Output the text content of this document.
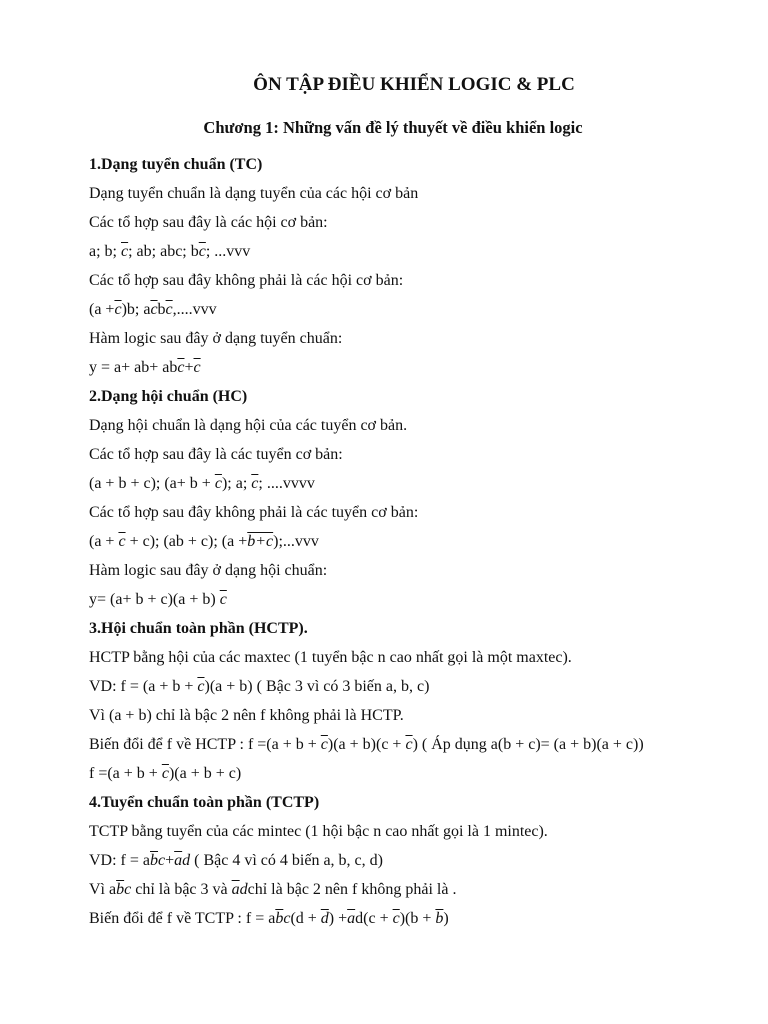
ÔN TẬP ĐIỀU KHIỂN LOGIC & PLC
Chương 1: Những vấn đề lý thuyết về điều khiển logic
1.Dạng tuyển chuẩn (TC)
Dạng tuyển chuẩn là dạng tuyển của các hội cơ bản
Các tổ hợp sau đây là các hội cơ bản:
a; b; $\overline{c}$; ab; abc; $b\overline{c}$; ...vvv
Các tổ hợp sau đây không phải là các hội cơ bản:
$(a +\overline{c})b$; $a\overline{c}b\overline{c},....vvv$
Hàm logic sau đây ở dạng tuyển chuẩn:
$y = a+ ab+ ab\overline{c}+\overline{c}$
2.Dạng hội chuẩn (HC)
Dạng hội chuẩn là dạng hội của các tuyển cơ bản.
Các tổ hợp sau đây là các tuyển cơ bản:
(a + b + c); $(a+ b + \overline{c})$; a; $\overline{c}$; ....vvvv
Các tổ hợp sau đây không phải là các tuyển cơ bản:
$(a + \overline{c} + c)$; (ab + c); (a +b+c);...vvv
Hàm logic sau đây ở dạng hội chuẩn:
y= (a+ b + c)(a + b) $\overline{c}$
3.Hội chuẩn toàn phần (HCTP).
HCTP bằng hội của các maxtec (1 tuyển bậc n cao nhất gọi là một maxtec).
VD: $f = (a + b + \overline{c})(a + b)$ ( Bậc 3 vì có 3 biến a, b, c)
Vì (a + b) chỉ là bậc 2 nên f không phải là HCTP.
Biến đổi để f về HCTP : $f =(a + b + \overline{c})(a + b)(c + \overline{c})$ ( Áp dụng a(b + c)= (a + b)(a + c))
$f =(a + b + \overline{c})(a + b + c)$
4.Tuyển chuẩn toàn phần (TCTP)
TCTP bằng tuyển của các mintec (1 hội bậc n cao nhất gọi là 1 mintec).
VD: $f = a\overline{b}c+\overline{a}d$ ( Bậc 4 vì có 4 biến a, b, c, d)
Vì $a\overline{b}c$ chỉ là bậc 3 và $\overline{a}dchỉ$ là bậc 2 nên f không phải là .
Biến đổi để f về TCTP : $f = a\overline{b}c(d + \overline{d}) +\overline{a}d(c + \overline{c})(b + \overline{b})$
